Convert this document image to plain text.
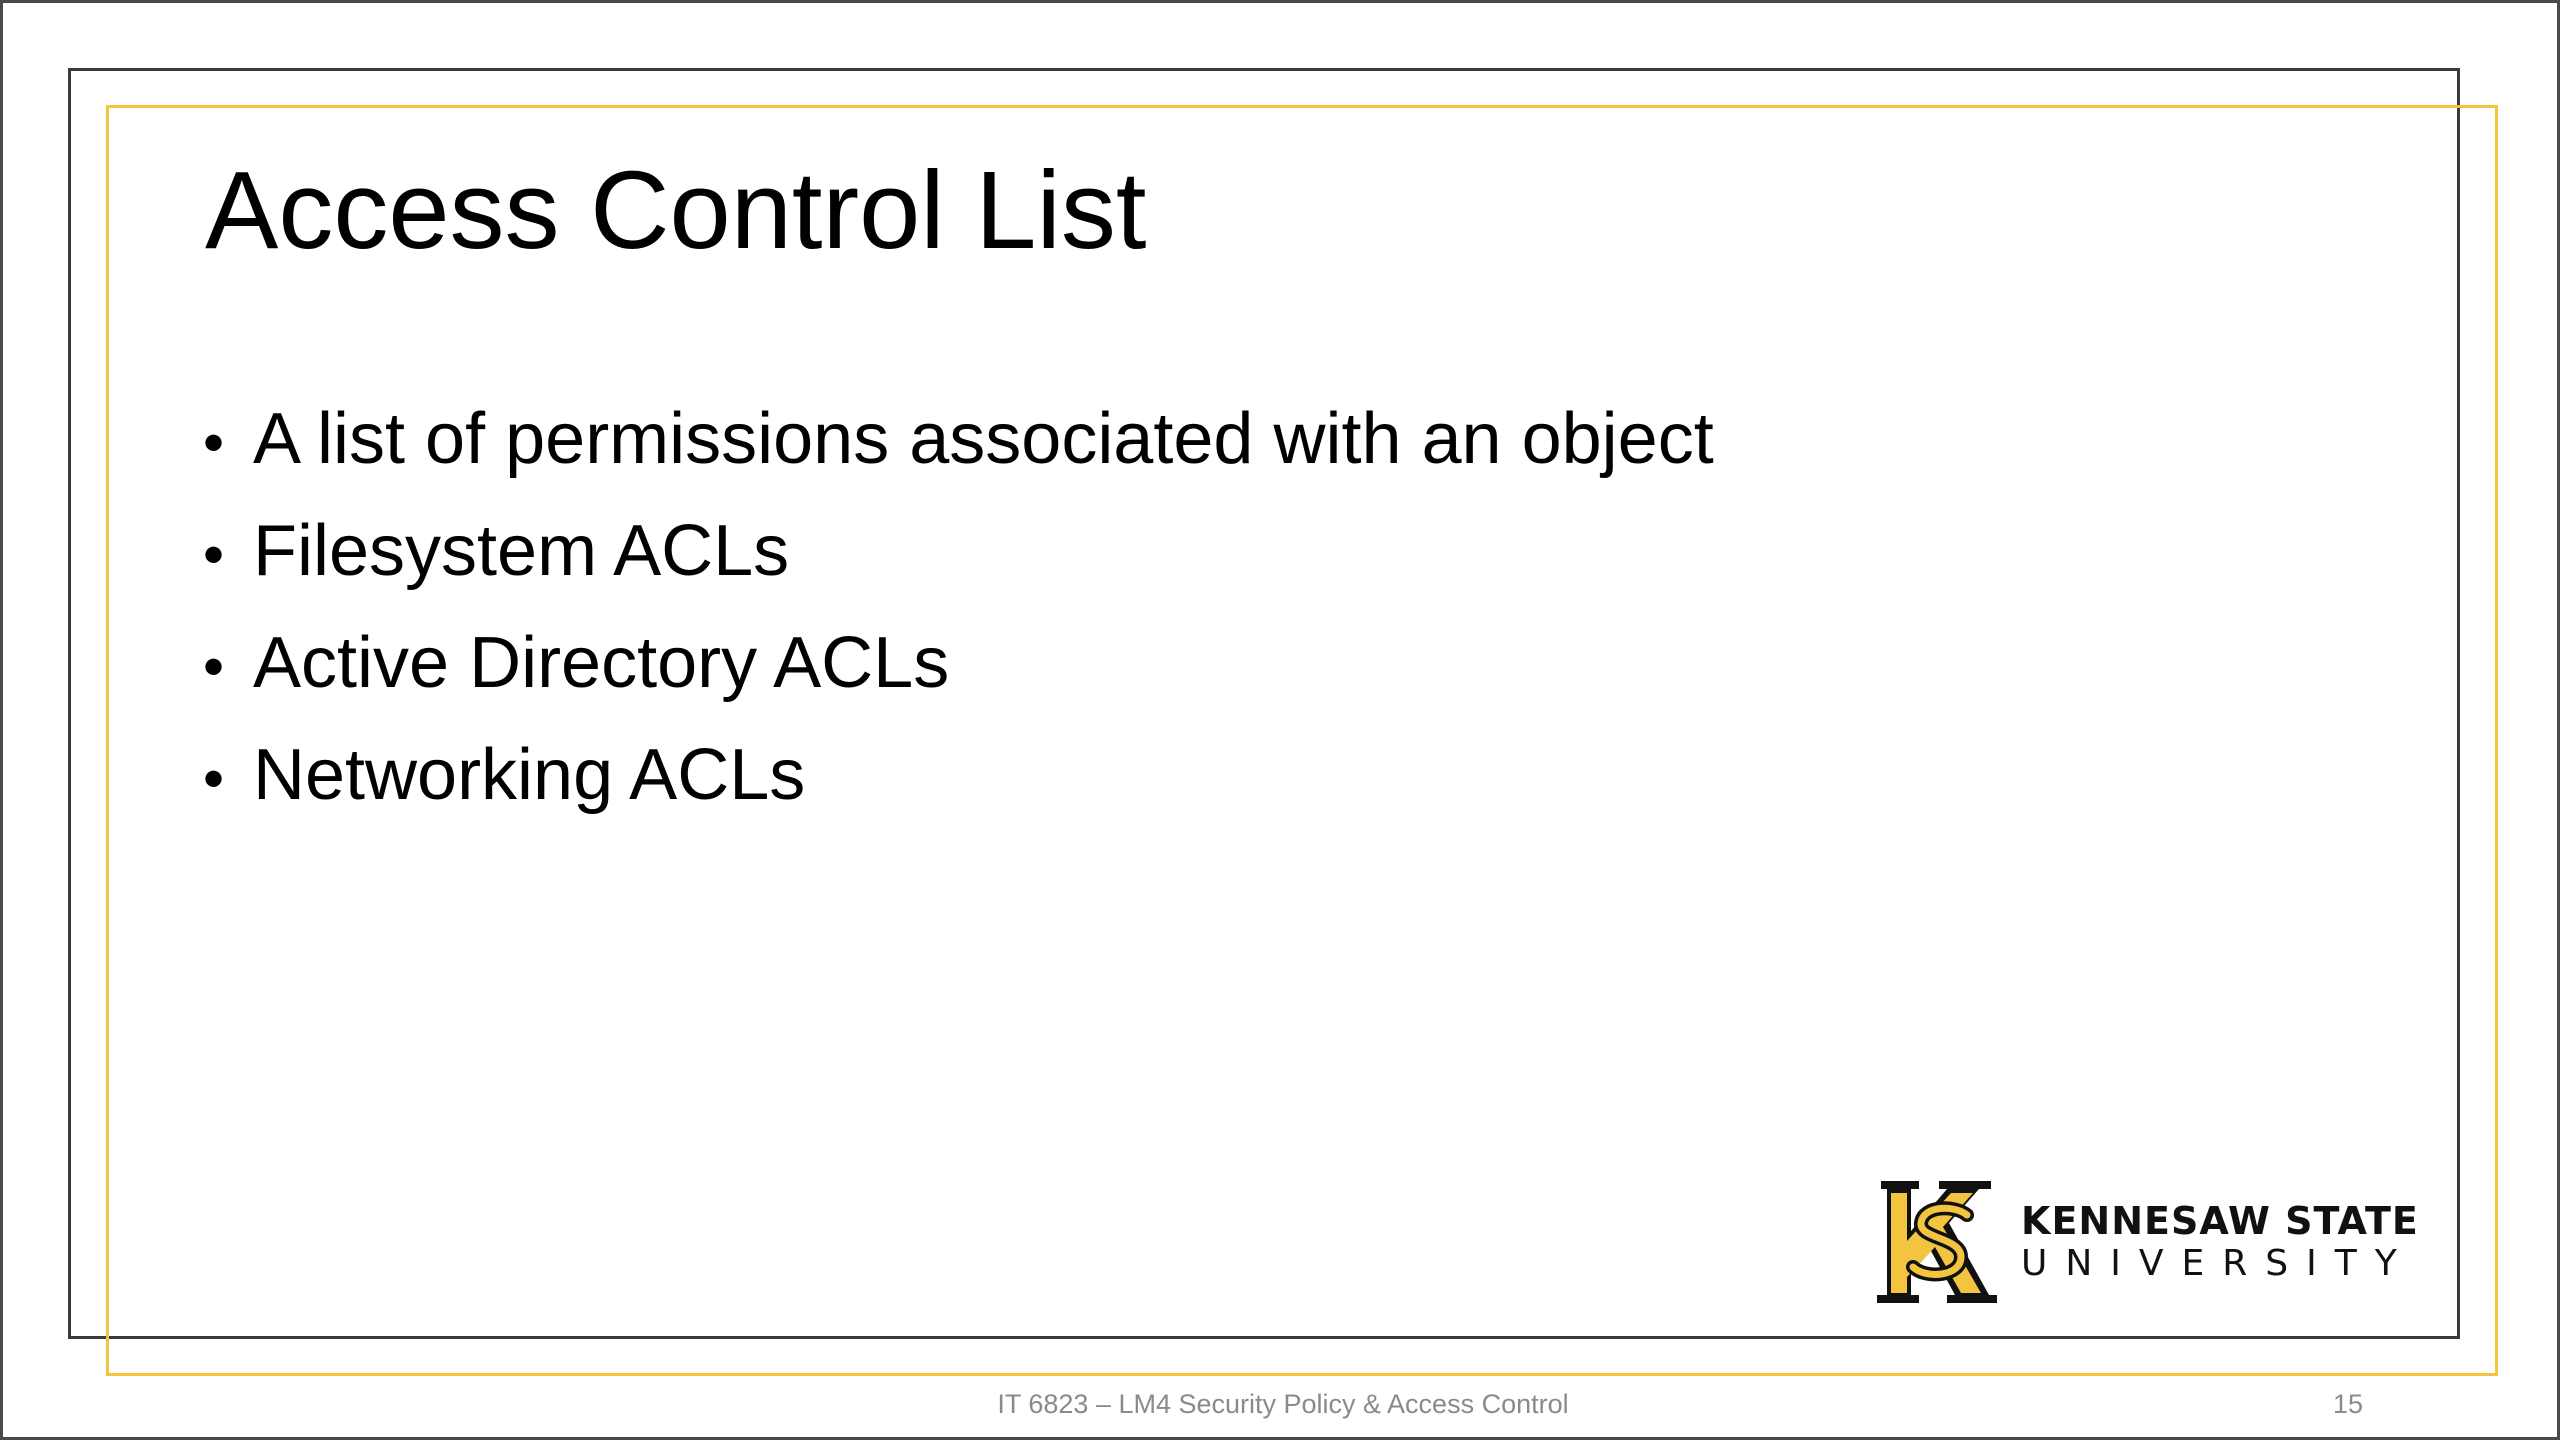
Access Control List
• A list of permissions associated with an object
• Filesystem ACLs
• Active Directory ACLs
• Networking ACLs
KENNESAW STATE
UNIVERSITY
IT 6823 – LM4 Security Policy & Access Control	15
